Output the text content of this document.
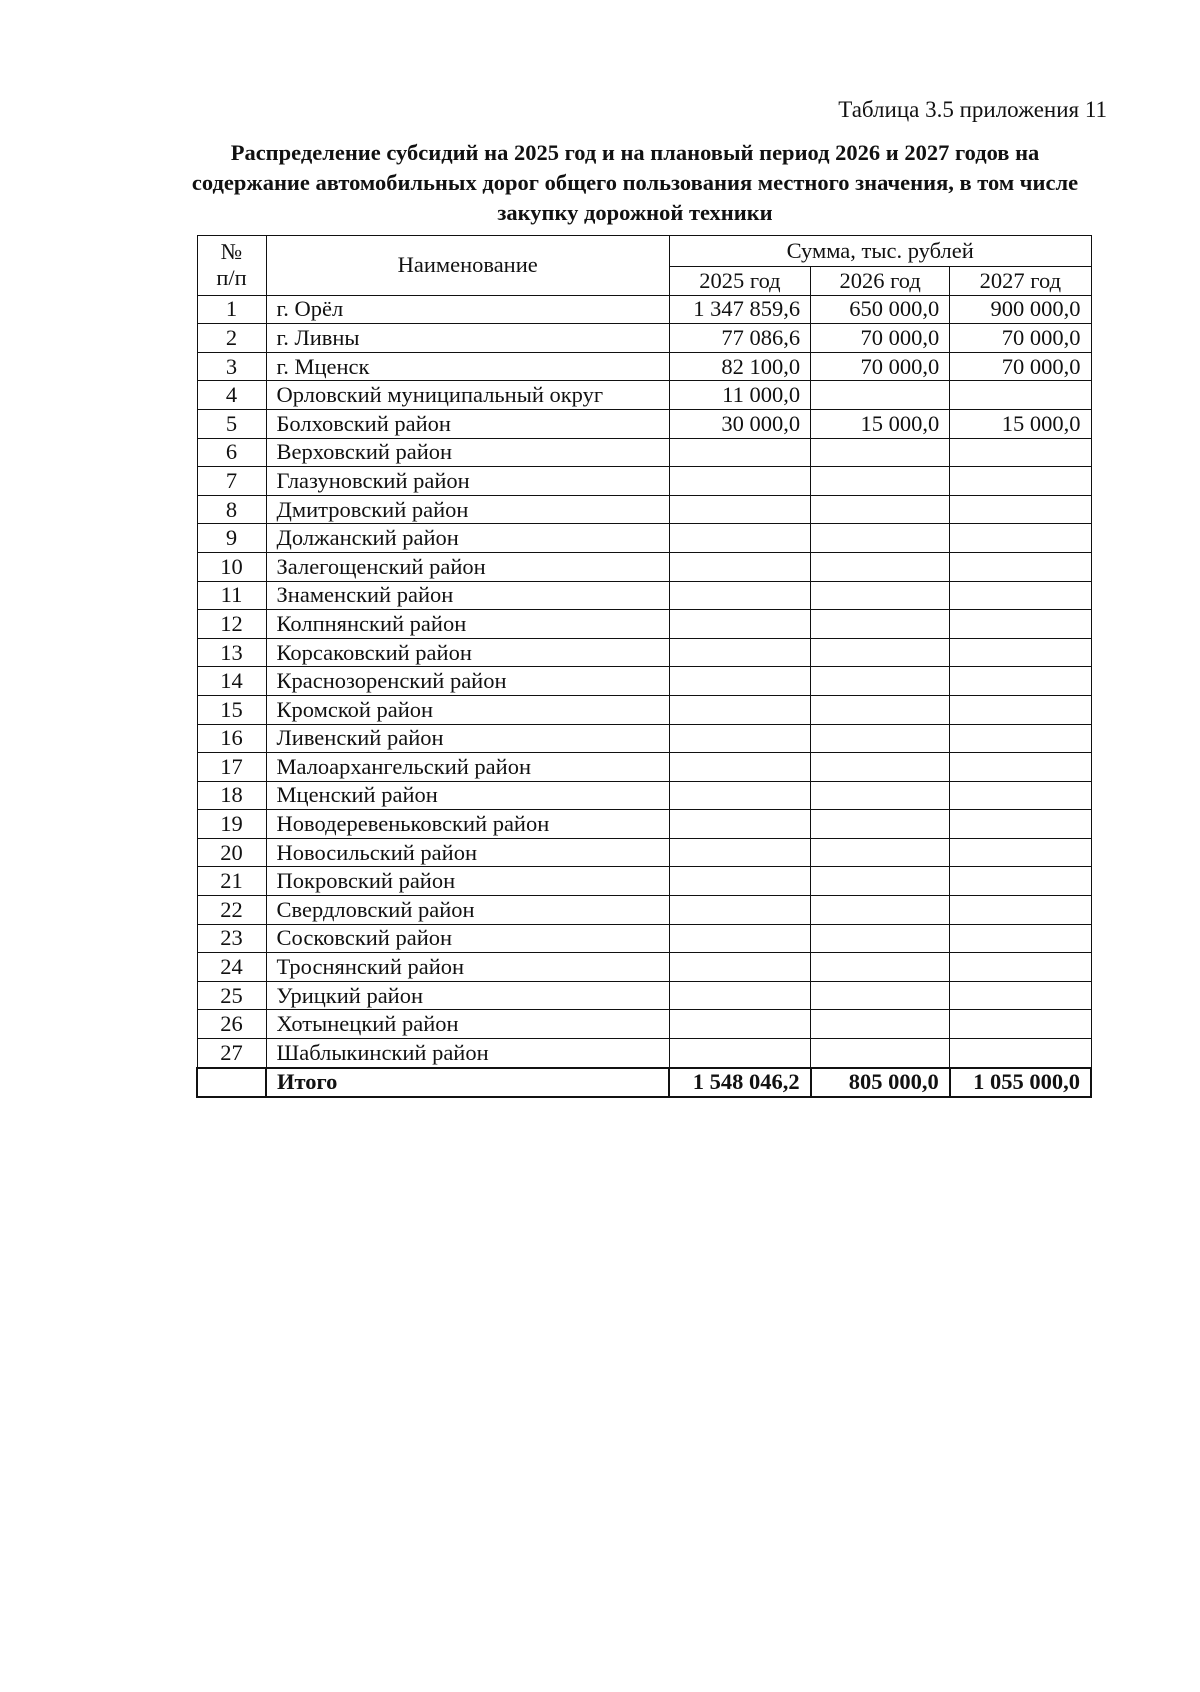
Таблица 3.5 приложения 11
Распределение субсидий на 2025 год и на плановый период 2026 и 2027 годов на
содержание автомобильных дорог общего пользования местного значения, в том числе
закупку дорожной техники
№
п/п	Наименование	Сумма, тыс. рублей		
		2025 год	2026 год	2027 год
1	г. Орёл	1 347 859,6	650 000,0	900 000,0
2	г. Ливны	77 086,6	70 000,0	70 000,0
3	г. Мценск	82 100,0	70 000,0	70 000,0
4	Орловский муниципальный округ	11 000,0		
5	Болховский район	30 000,0	15 000,0	15 000,0
6	Верховский район			
7	Глазуновский район			
8	Дмитровский район			
9	Должанский район			
10	Залегощенский район			
11	Знаменский район			
12	Колпнянский район			
13	Корсаковский район			
14	Краснозоренский район			
15	Кромской район			
16	Ливенский район			
17	Малоархангельский район			
18	Мценский район			
19	Новодеревеньковский район			
20	Новосильский район			
21	Покровский район			
22	Свердловский район			
23	Сосковский район			
24	Троснянский район			
25	Урицкий район			
26	Хотынецкий район			
27	Шаблыкинский район			
	Итого	1 548 046,2	805 000,0	1 055 000,0
